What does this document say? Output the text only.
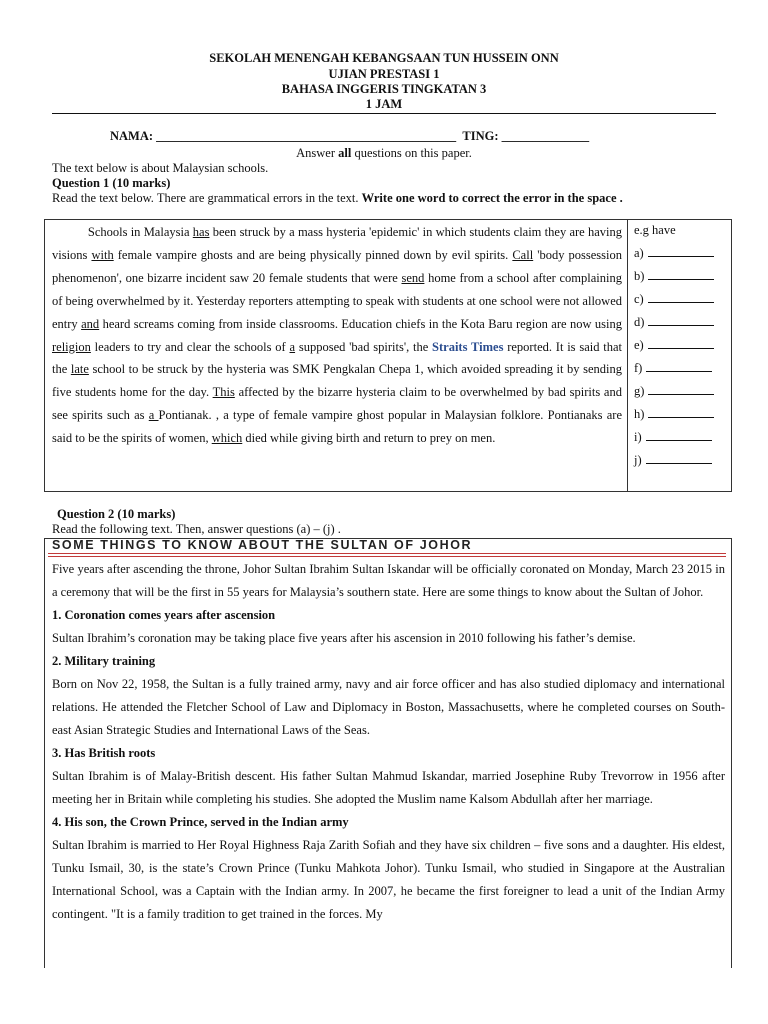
SEKOLAH MENENGAH KEBANGSAAN TUN HUSSEIN ONN
UJIAN PRESTASI 1
BAHASA INGGERIS TINGKATAN 3
1 JAM
NAMA: ________________________________________________ TING: ______________
Answer all questions on this paper.
The text below is about Malaysian schools.
Question 1 (10 marks)
Read the text below. There are grammatical errors in the text. Write one word to correct the error in the space .

Schools in Malaysia has been struck by a mass hysteria 'epidemic' in which students claim they are having visions with female vampire ghosts and are being physically pinned down by evil spirits. Call 'body possession phenomenon', one bizarre incident saw 20 female students that were send home from a school after complaining of being overwhelmed by it. Yesterday reporters attempting to speak with students at one school were not allowed entry and heard screams coming from inside classrooms. Education chiefs in the Kota Baru region are now using religion leaders to try and clear the schools of a supposed 'bad spirits', the Straits Times reported. It is said that the late school to be struck by the hysteria was SMK Pengkalan Chepa 1, which avoided spreading it by sending five students home for the day. This affected by the bizarre hysteria claim to be overwhelmed by bad spirits and see spirits such as a Pontianak. , a type of female vampire ghost popular in Malaysian folklore. Pontianaks are said to be the spirits of women, which died while giving birth and return to prey on men.

e.g have
a)
b)
c)
d)
e)
f)
g)
h)
i)
j)
Question 2 (10 marks)
Read the following text. Then, answer questions (a) – (j) .
SOME THINGS TO KNOW ABOUT THE SULTAN OF JOHOR

Five years after ascending the throne, Johor Sultan Ibrahim Sultan Iskandar will be officially coronated on Monday, March 23 2015 in a ceremony that will be the first in 55 years for Malaysia’s southern state. Here are some things to know about the Sultan of Johor.

1. Coronation comes years after ascension

Sultan Ibrahim’s coronation may be taking place five years after his ascension in 2010 following his father’s demise.

2. Military training

Born on Nov 22, 1958, the Sultan is a fully trained army, navy and air force officer and has also studied diplomacy and international relations. He attended the Fletcher School of Law and Diplomacy in Boston, Massachusetts, where he completed courses on South-east Asian Strategic Studies and International Laws of the Seas.

3. Has British roots

Sultan Ibrahim is of Malay-British descent. His father Sultan Mahmud Iskandar, married Josephine Ruby Trevorrow in 1956 after meeting her in Britain while completing his studies. She adopted the Muslim name Kalsom Abdullah after her marriage.

4. His son, the Crown Prince, served in the Indian army

Sultan Ibrahim is married to Her Royal Highness Raja Zarith Sofiah and they have six children – five sons and a daughter. His eldest, Tunku Ismail, 30, is the state’s Crown Prince (Tunku Mahkota Johor). Tunku Ismail, who studied in Singapore at the Australian International School, was a Captain with the Indian army. In 2007, he became the first foreigner to lead a unit of the Indian Army contingent. "It is a family tradition to get trained in the forces. My
